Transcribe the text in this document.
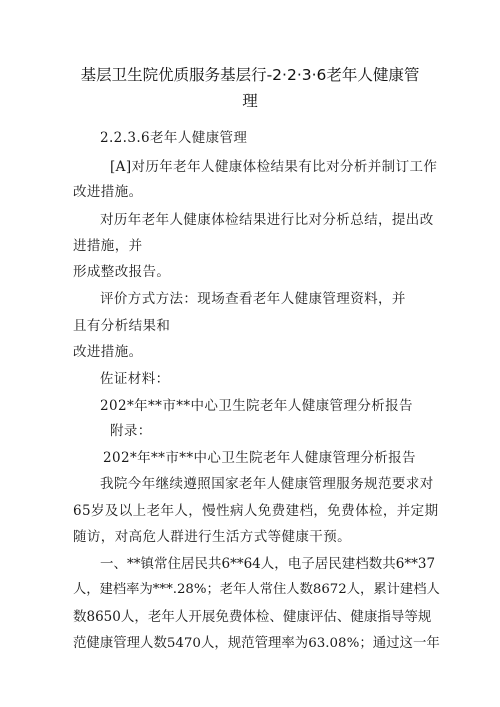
基层卫生院优质服务基层行-2·2·3·6老年人健康管
理
2.2.3.6老年人健康管理
[A]对历年老年人健康体检结果有比对分析并制订工作
改进措施。
对历年老年人健康体检结果进行比对分析总结，提出改
进措施，并
形成整改报告。
评价方式方法：现场查看老年人健康管理资料，并
且有分析结果和
改进措施。
佐证材料：
202*年**市**中心卫生院老年人健康管理分析报告
附录：
202*年**市**中心卫生院老年人健康管理分析报告
我院今年继续遵照国家老年人健康管理服务规范要求对
65岁及以上老年人，慢性病人免费建档，免费体检，并定期
随访，对高危人群进行生活方式等健康干预。
一、**镇常住居民共6**64人，电子居民建档数共6**37
人，建档率为***.28%；老年人常住人数8672人，累计建档人
数8650人，老年人开展免费体检、健康评估、健康指导等规
范健康管理人数5470人，规范管理率为63.08%；通过这一年
